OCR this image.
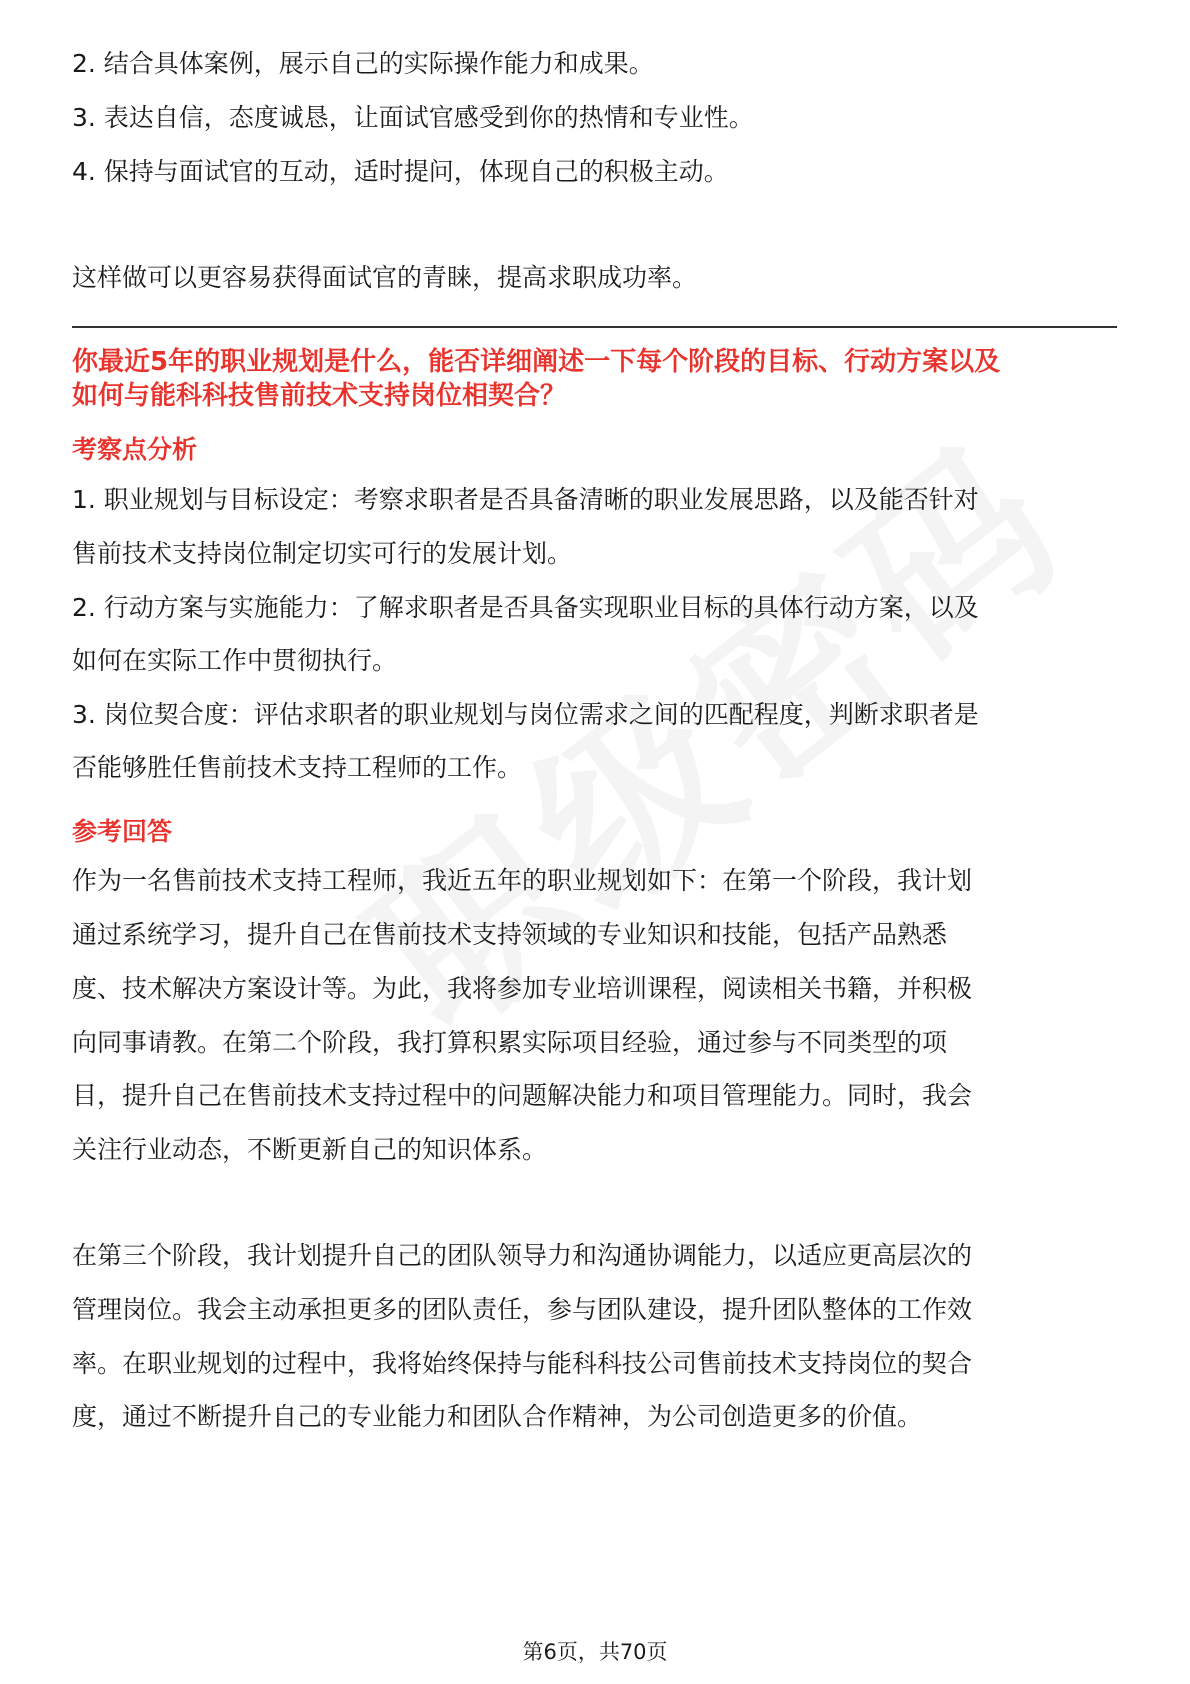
2. 结合具体案例，展示自己的实际操作能力和成果。
3. 表达自信，态度诚恳，让面试官感受到你的热情和专业性。
4. 保持与面试官的互动，适时提问，体现自己的积极主动。
这样做可以更容易获得面试官的青睐，提高求职成功率。
你最近5年的职业规划是什么，能否详细阐述一下每个阶段的目标、行动方案以及
如何与能科科技售前技术支持岗位相契合？
考察点分析
1. 职业规划与目标设定：考察求职者是否具备清晰的职业发展思路，以及能否针对
售前技术支持岗位制定切实可行的发展计划。
2. 行动方案与实施能力：了解求职者是否具备实现职业目标的具体行动方案，以及
如何在实际工作中贯彻执行。
3. 岗位契合度：评估求职者的职业规划与岗位需求之间的匹配程度，判断求职者是
否能够胜任售前技术支持工程师的工作。
参考回答
作为一名售前技术支持工程师，我近五年的职业规划如下：在第一个阶段，我计划
通过系统学习，提升自己在售前技术支持领域的专业知识和技能，包括产品熟悉
度、技术解决方案设计等。为此，我将参加专业培训课程，阅读相关书籍，并积极
向同事请教。在第二个阶段，我打算积累实际项目经验，通过参与不同类型的项
目，提升自己在售前技术支持过程中的问题解决能力和项目管理能力。同时，我会
关注行业动态，不断更新自己的知识体系。
在第三个阶段，我计划提升自己的团队领导力和沟通协调能力，以适应更高层次的
管理岗位。我会主动承担更多的团队责任，参与团队建设，提升团队整体的工作效
率。在职业规划的过程中，我将始终保持与能科科技公司售前技术支持岗位的契合
度，通过不断提升自己的专业能力和团队合作精神，为公司创造更多的价值。
第6页，共70页
